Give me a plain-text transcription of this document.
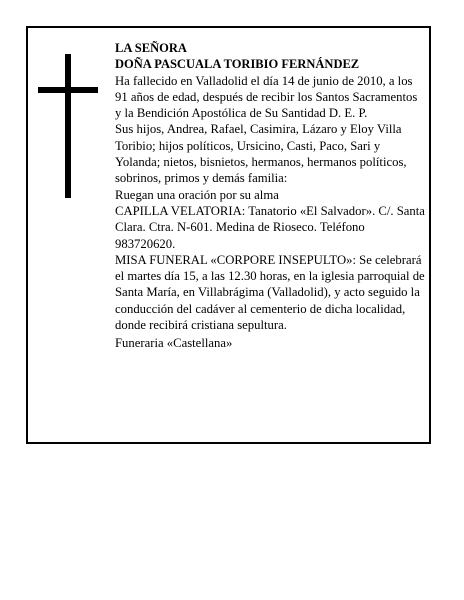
LA SEÑORA

DOÑA PASCUALA TORIBIO FERNÁNDEZ

Ha fallecido en Valladolid el día 14 de junio de 2010, a los 91 años de edad, después de recibir los Santos Sacramentos y la Bendición Apostólica de Su Santidad D. E. P.

Sus hijos, Andrea, Rafael, Casimira, Lázaro y Eloy Villa Toribio; hijos políticos, Ursicino, Casti, Paco, Sari y Yolanda; nietos, bisnietos, hermanos, hermanos políticos, sobrinos, primos y demás familia:

Ruegan una oración por su alma

CAPILLA VELATORIA: Tanatorio «El Salvador». C/. Santa Clara. Ctra. N-601. Medina de Rioseco. Teléfono 983720620.

MISA FUNERAL «CORPORE INSEPULTO»: Se celebrará el martes día 15, a las 12.30 horas, en la iglesia parroquial de Santa María, en Villabrágima (Valladolid), y acto seguido la conducción del cadáver al cementerio de dicha localidad, donde recibirá cristiana sepultura.

Funeraria «Castellana»
